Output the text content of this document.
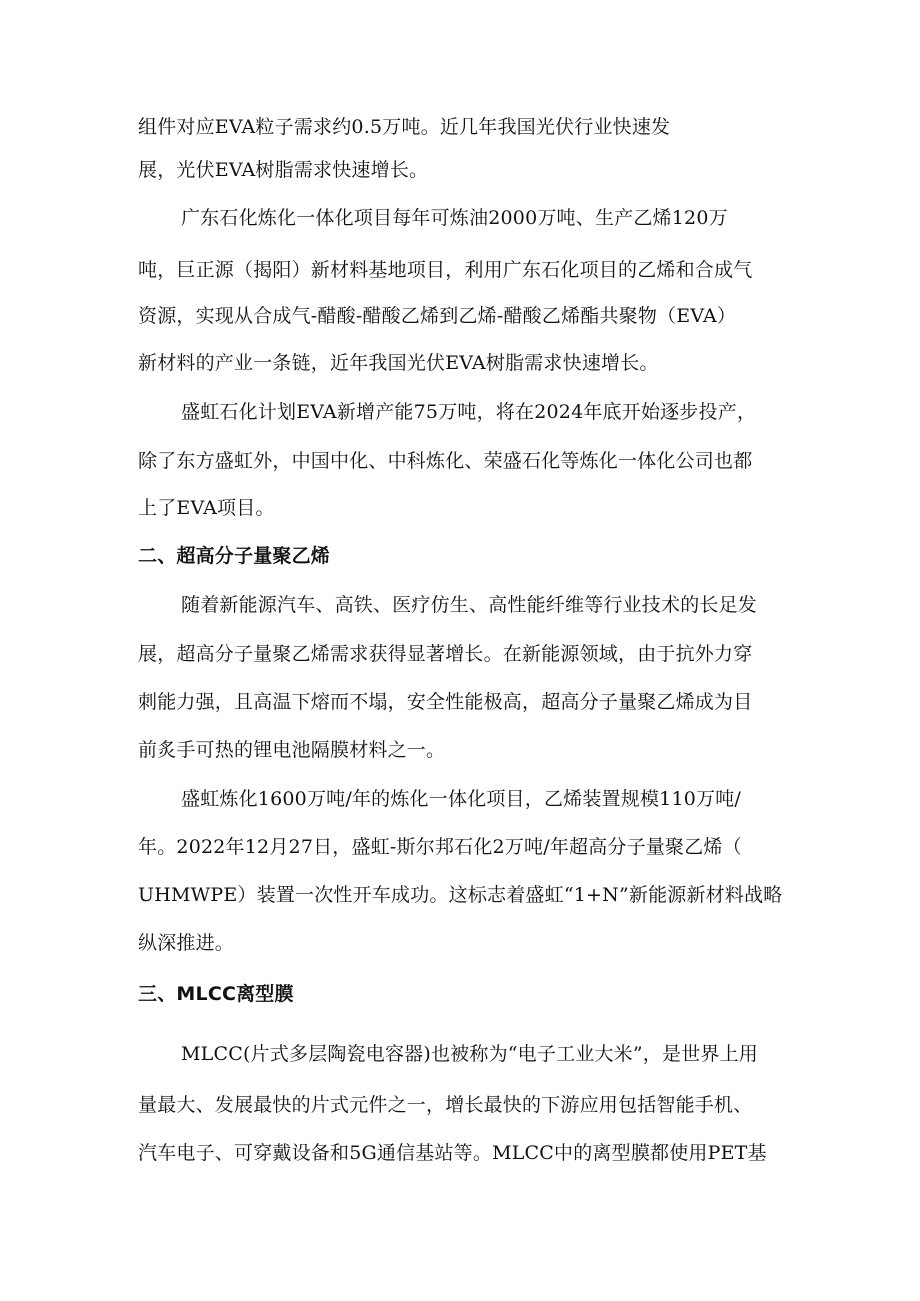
组件对应EVA粒子需求约0.5万吨。近几年我国光伏行业快速发
展，光伏EVA树脂需求快速增长。
广东石化炼化一体化项目每年可炼油2000万吨、生产乙烯120万
吨，巨正源（揭阳）新材料基地项目，利用广东石化项目的乙烯和合成气
资源，实现从合成气-醋酸-醋酸乙烯到乙烯-醋酸乙烯酯共聚物（EVA）
新材料的产业一条链，近年我国光伏EVA树脂需求快速增长。
盛虹石化计划EVA新增产能75万吨，将在2024年底开始逐步投产，
除了东方盛虹外，中国中化、中科炼化、荣盛石化等炼化一体化公司也都
上了EVA项目。
二、超高分子量聚乙烯
随着新能源汽车、高铁、医疗仿生、高性能纤维等行业技术的长足发
展，超高分子量聚乙烯需求获得显著增长。在新能源领域，由于抗外力穿
刺能力强，且高温下熔而不塌，安全性能极高，超高分子量聚乙烯成为目
前炙手可热的锂电池隔膜材料之一。
盛虹炼化1600万吨/年的炼化一体化项目，乙烯装置规模110万吨/
年。2022年12月27日，盛虹-斯尔邦石化2万吨/年超高分子量聚乙烯（
UHMWPE）装置一次性开车成功。这标志着盛虹“1+N”新能源新材料战略
纵深推进。
三、MLCC离型膜
MLCC(片式多层陶瓷电容器)也被称为“电子工业大米”，是世界上用
量最大、发展最快的片式元件之一，增长最快的下游应用包括智能手机、
汽车电子、可穿戴设备和5G通信基站等。MLCC中的离型膜都使用PET基
